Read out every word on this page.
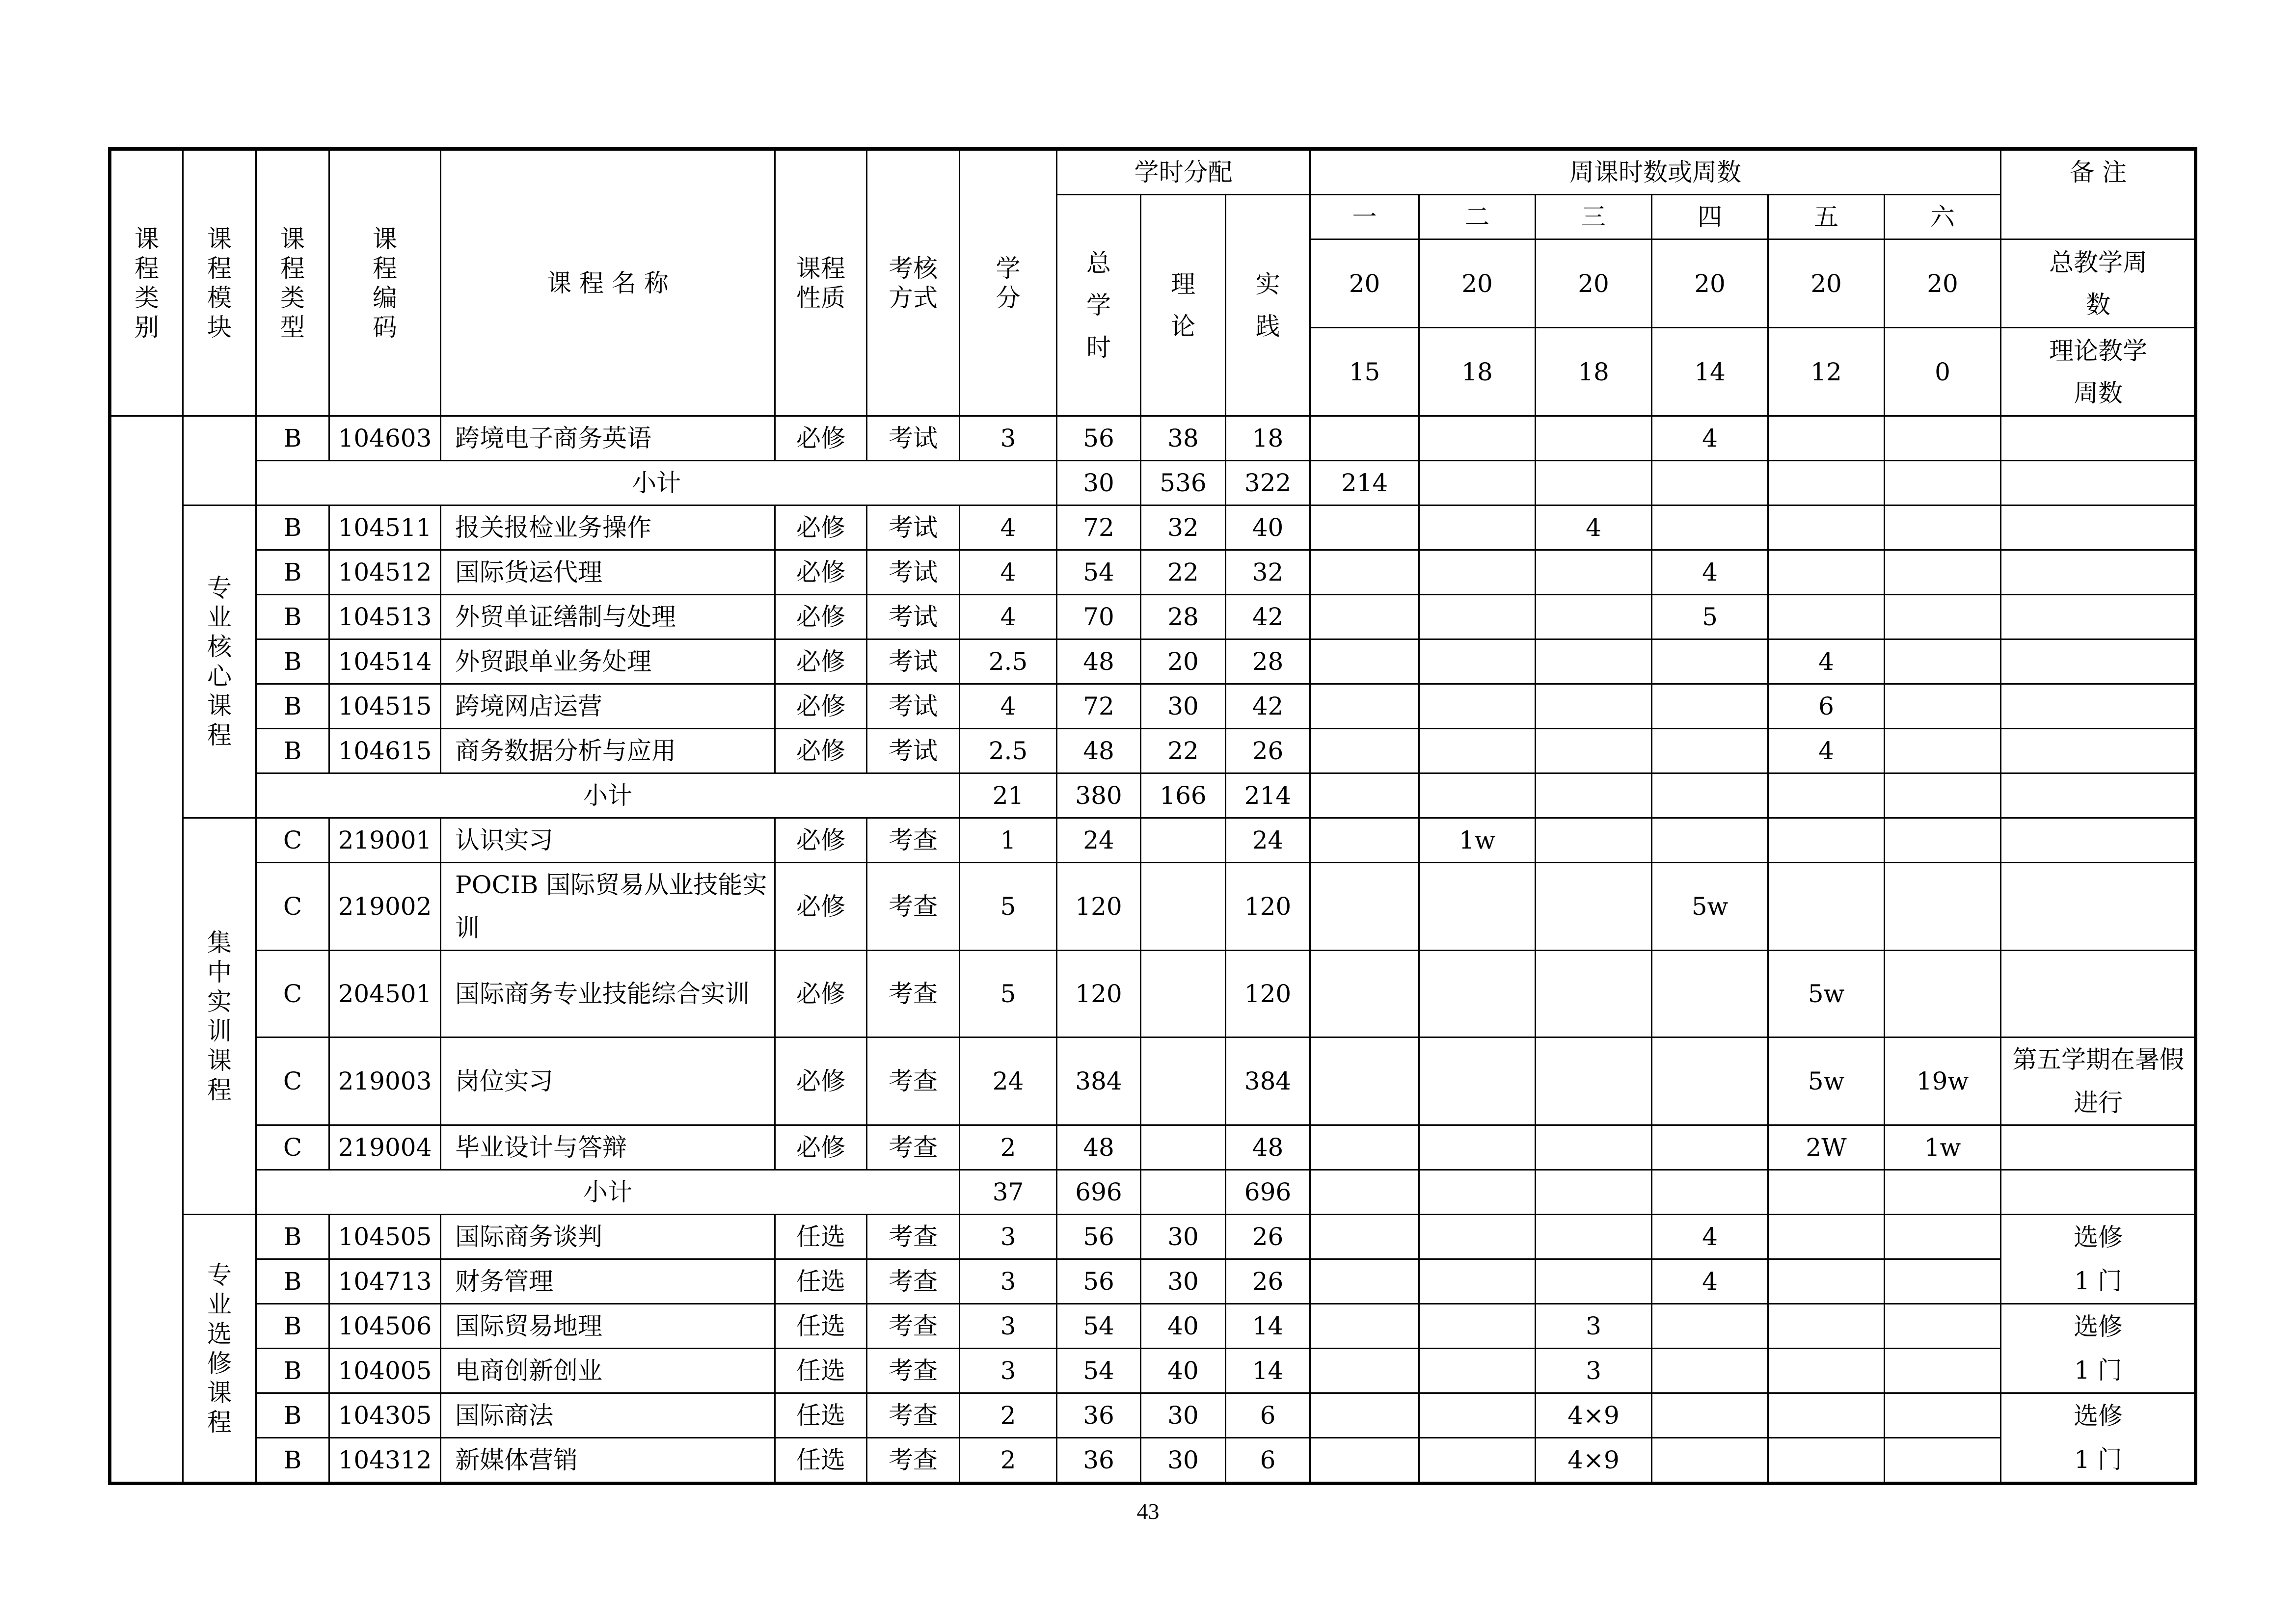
课程类别	课程模块	课程类型	课程编码	课 程 名 称	课程性质	考核方式	学分	学时分配			周课时数或周数						备 注	
								总学时	理论	实践	一	二	三	四	五	六		
											20	20	20	20	20	20	总教学周数	
											15	18	18	14	12	0	理论教学周数	
		B	104603	跨境电子商务英语	必修	考试	3	56	38	18				4				
		小计						30	536	322	214							
	专业核心课程	B	104511	报关报检业务操作	必修	考试	4	72	32	40			4					
		B	104512	国际货运代理	必修	考试	4	54	22	32				4				
		B	104513	外贸单证缮制与处理	必修	考试	4	70	28	42				5				
		B	104514	外贸跟单业务处理	必修	考试	2.5	48	20	28					4			
		B	104515	跨境网店运营	必修	考试	4	72	30	42					6			
		B	104615	商务数据分析与应用	必修	考试	2.5	48	22	26					4			
		小计					21	380	166	214								
	集中实训课程	C	219001	认识实习	必修	考查	1	24		24		1w						
		C	219002	POCIB 国际贸易从业技能实训	必修	考查	5	120		120				5w				
		C	204501	国际商务专业技能综合实训	必修	考查	5	120		120					5w			
		C	219003	岗位实习	必修	考查	24	384		384					5w	19w	第五学期在暑假进行	
		C	219004	毕业设计与答辩	必修	考查	2	48		48					2W	1w		
		小计					37	696		696								
	专业选修课程	B	104505	国际商务谈判	任选	考查	3	56	30	26				4			选修	
		B	104713	财务管理	任选	考查	3	56	30	26				4			1 门	
		B	104506	国际贸易地理	任选	考查	3	54	40	14			3				选修	
		B	104005	电商创新创业	任选	考查	3	54	40	14			3				1 门	
		B	104305	国际商法	任选	考查	2	36	30	6			4×9				选修	
		B	104312	新媒体营销	任选	考查	2	36	30	6			4×9				1 门	
43
